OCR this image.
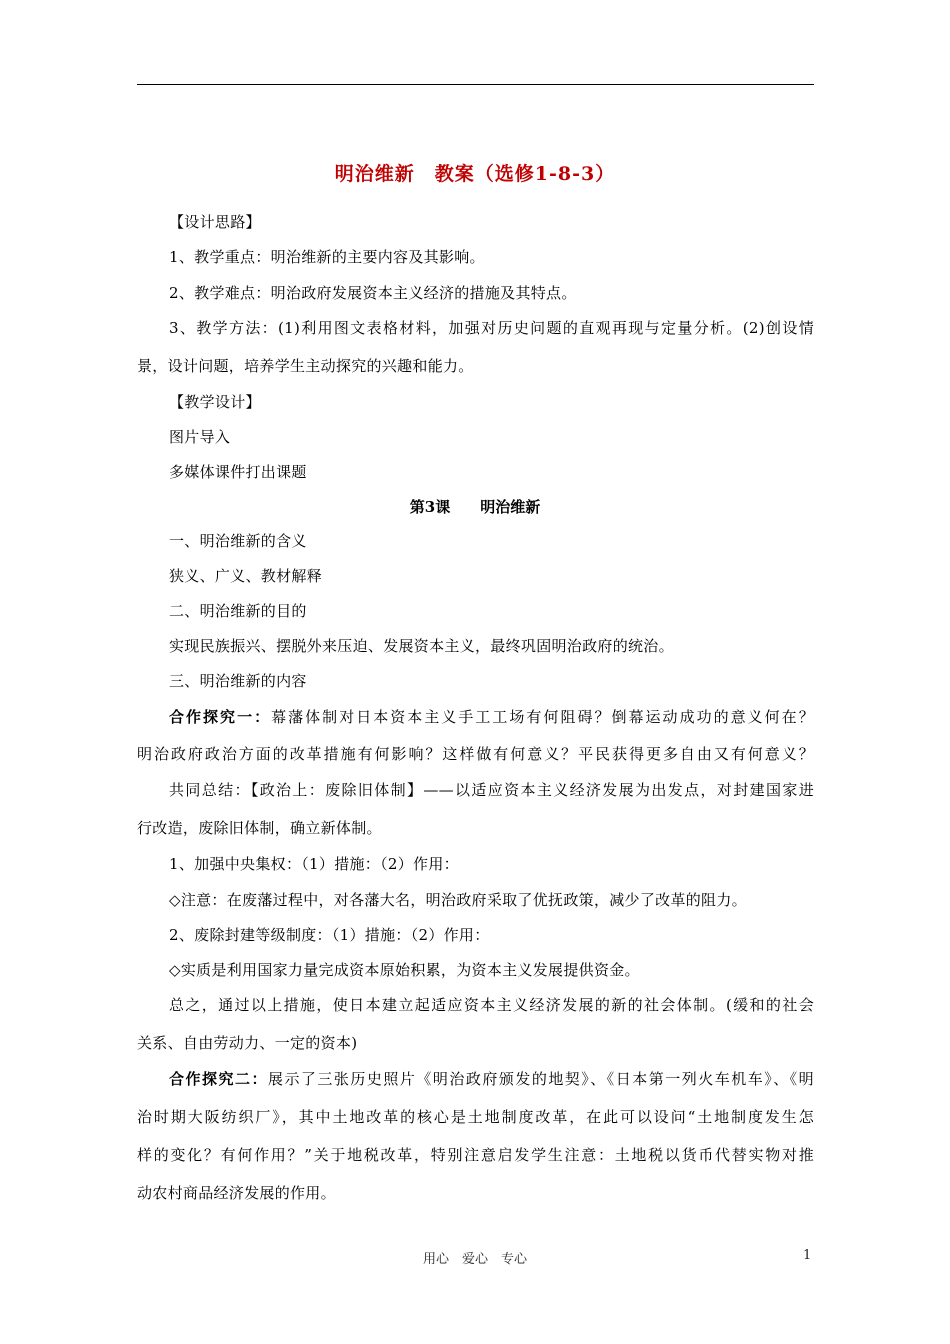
明治维新　教案（选修1-8-3）
【设计思路】
1、教学重点：明治维新的主要内容及其影响。
2、教学难点：明治政府发展资本主义经济的措施及其特点。
3、教学方法：(1)利用图文表格材料，加强对历史问题的直观再现与定量分析。(2)创设情
景，设计问题，培养学生主动探究的兴趣和能力。
【教学设计】
图片导入
多媒体课件打出课题
第3课　　明治维新
一、明治维新的含义
狭义、广义、教材解释
二、明治维新的目的
实现民族振兴、摆脱外来压迫、发展资本主义，最终巩固明治政府的统治。
三、明治维新的内容
合作探究一：幕藩体制对日本资本主义手工工场有何阻碍？倒幕运动成功的意义何在？
明治政府政治方面的改革措施有何影响？这样做有何意义？平民获得更多自由又有何意义？
共同总结：【政治上：废除旧体制】——以适应资本主义经济发展为出发点，对封建国家进
行改造，废除旧体制，确立新体制。
1、加强中央集权：（1）措施：（2）作用：
◇注意：在废藩过程中，对各藩大名，明治政府采取了优抚政策，减少了改革的阻力。
2、废除封建等级制度：（1）措施：（2）作用：
◇实质是利用国家力量完成资本原始积累，为资本主义发展提供资金。
总之，通过以上措施，使日本建立起适应资本主义经济发展的新的社会体制。(缓和的社会
关系、自由劳动力、一定的资本)
合作探究二：展示了三张历史照片《明治政府颁发的地契》、《日本第一列火车机车》、《明
治时期大阪纺织厂》，其中土地改革的核心是土地制度改革，在此可以设问“土地制度发生怎
样的变化？有何作用？”关于地税改革，特别注意启发学生注意：土地税以货币代替实物对推
动农村商品经济发展的作用。
用心　爱心　专心	1
